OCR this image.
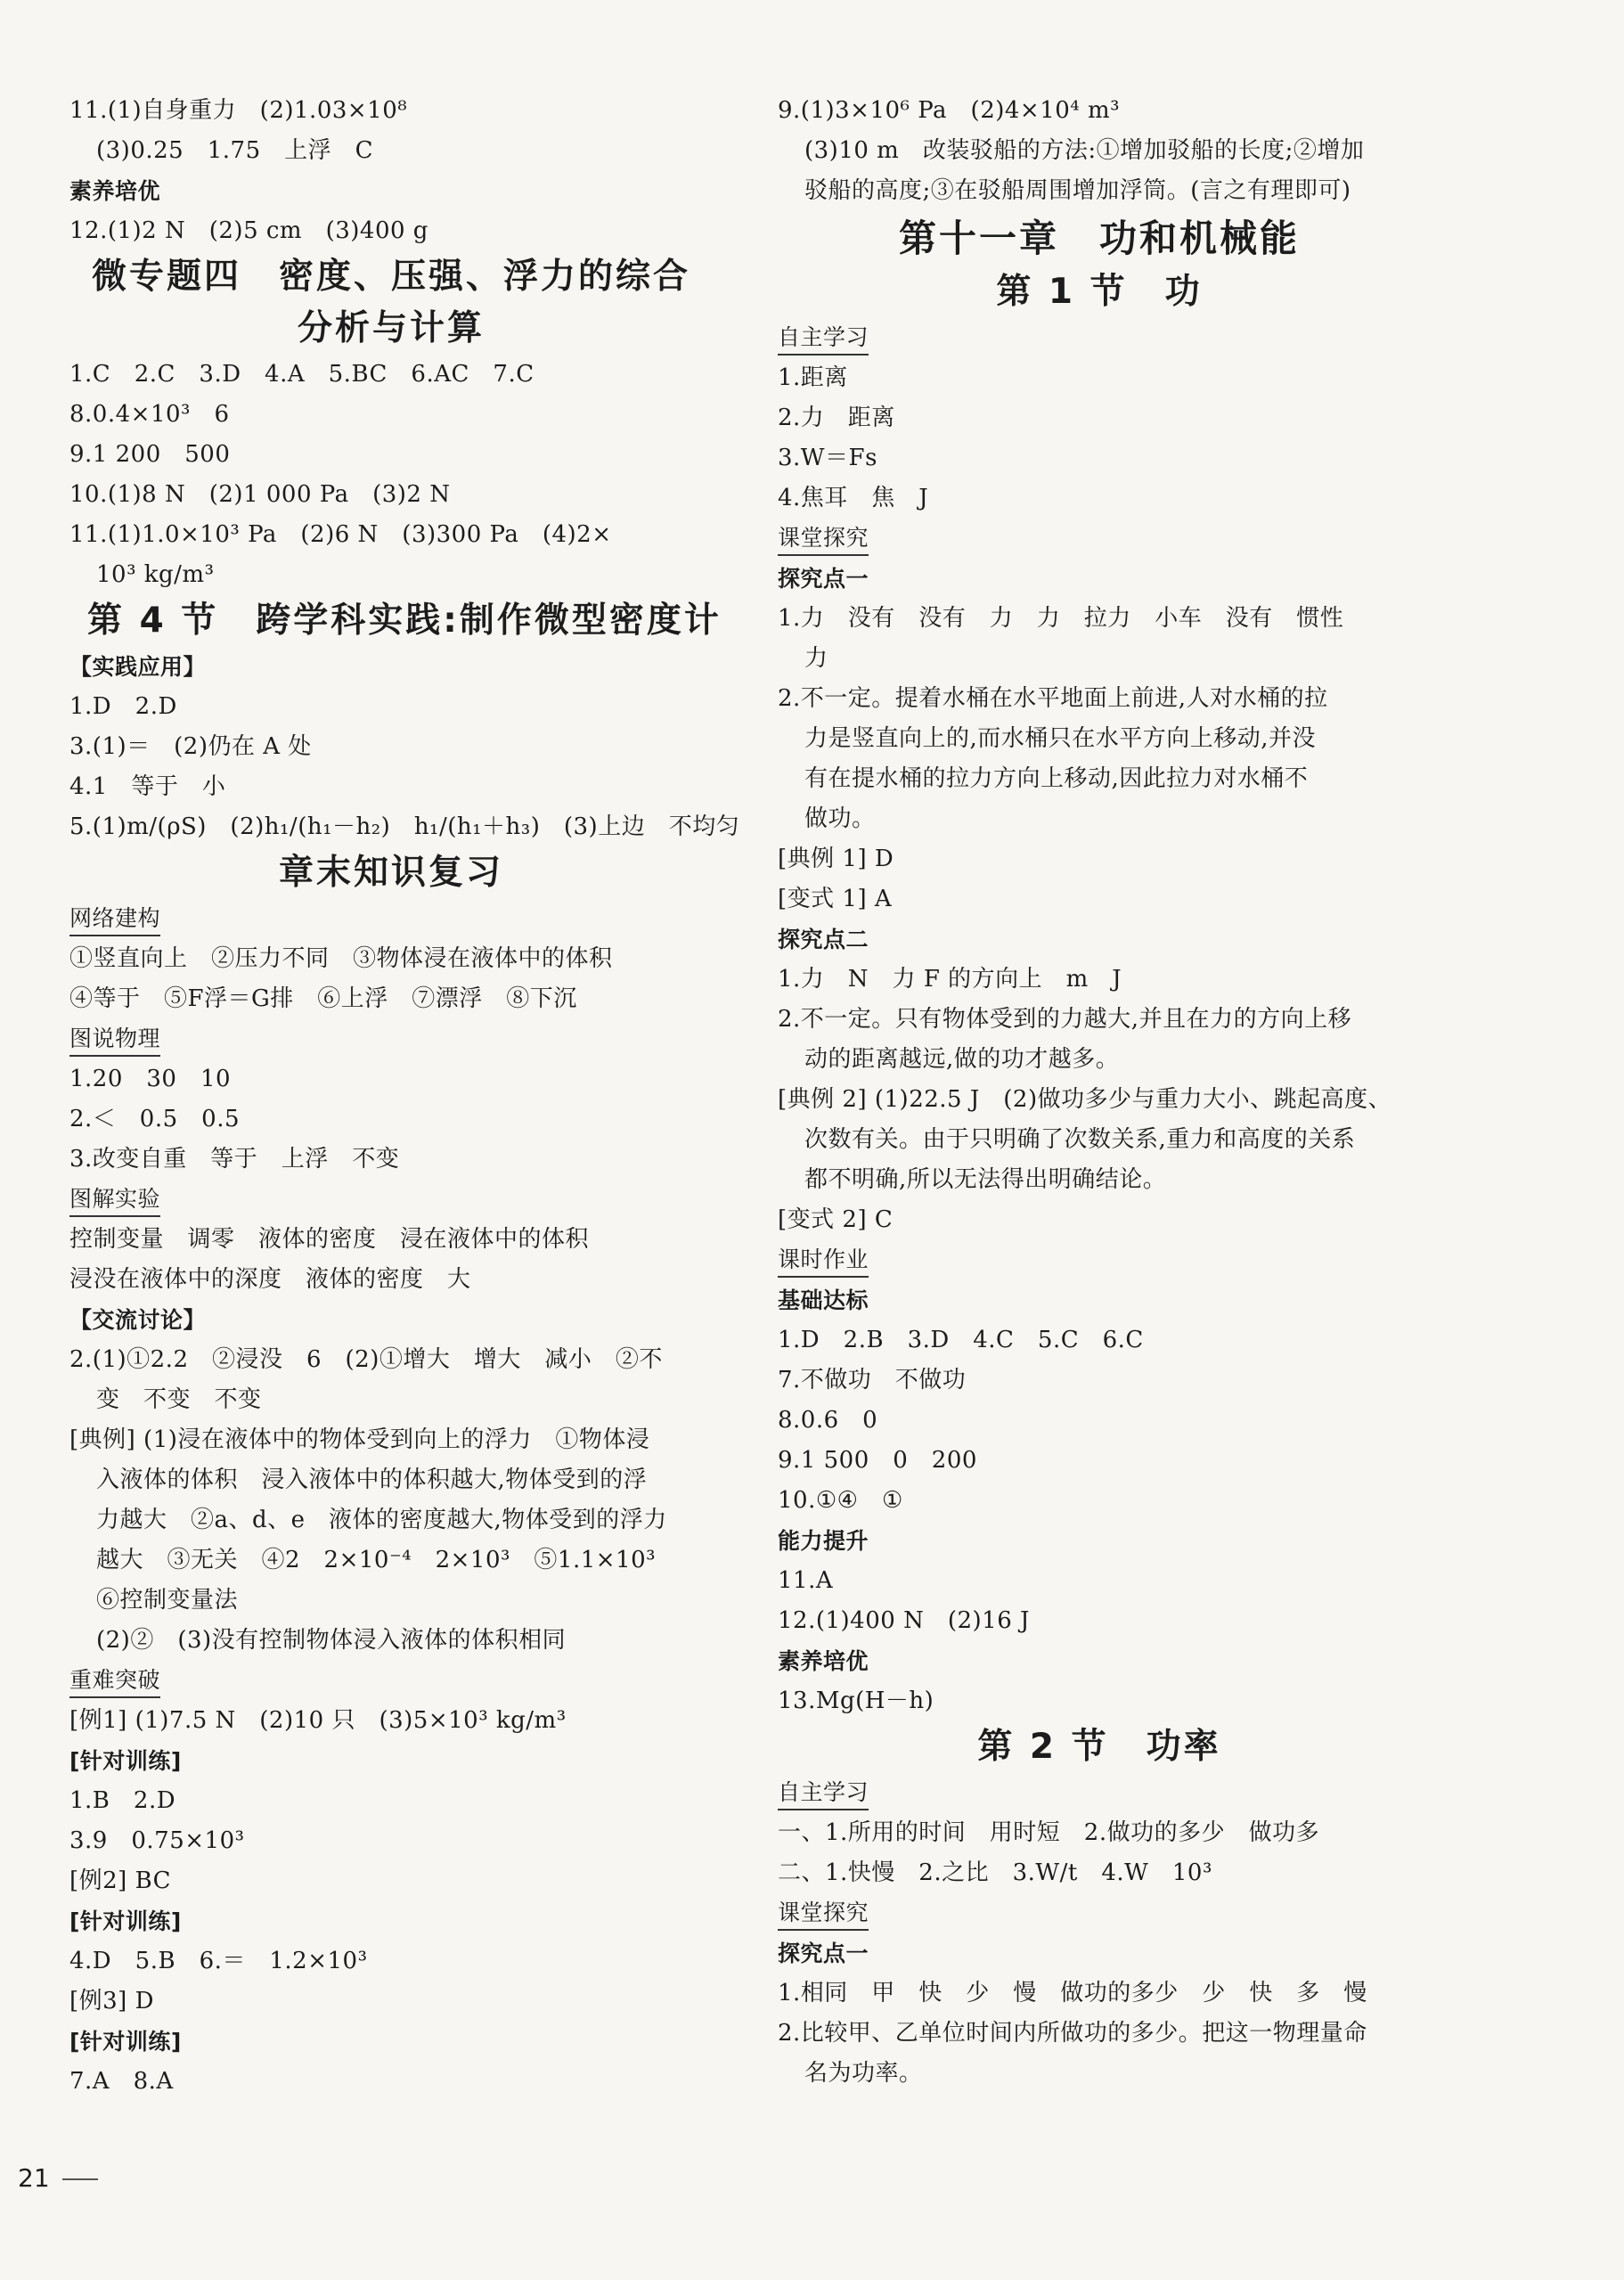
11.(1)自身重力　(2)1.03×10⁸
(3)0.25　1.75　上浮　C
素养培优
12.(1)2 N　(2)5 cm　(3)400 g
微专题四　密度、压强、浮力的综合
分析与计算
1.C　2.C　3.D　4.A　5.BC　6.AC　7.C
8.0.4×10³　6
9.1 200　500
10.(1)8 N　(2)1 000 Pa　(3)2 N
11.(1)1.0×10³ Pa　(2)6 N　(3)300 Pa　(4)2×
10³ kg/m³
第 4 节　跨学科实践:制作微型密度计
【实践应用】
1.D　2.D
3.(1)＝　(2)仍在 A 处
4.1　等于　小
5.(1)m/(ρS)　(2)h₁/(h₁－h₂)　h₁/(h₁＋h₃)　(3)上边　不均匀
章末知识复习
网络建构
①竖直向上　②压力不同　③物体浸在液体中的体积
④等于　⑤F浮＝G排　⑥上浮　⑦漂浮　⑧下沉
图说物理
1.20　30　10
2.＜　0.5　0.5
3.改变自重　等于　上浮　不变
图解实验
控制变量　调零　液体的密度　浸在液体中的体积
浸没在液体中的深度　液体的密度　大
【交流讨论】
2.(1)①2.2　②浸没　6　(2)①增大　增大　减小　②不
变　不变　不变
[典例] (1)浸在液体中的物体受到向上的浮力　①物体浸
入液体的体积　浸入液体中的体积越大,物体受到的浮
力越大　②a、d、e　液体的密度越大,物体受到的浮力
越大　③无关　④2　2×10⁻⁴　2×10³　⑤1.1×10³
⑥控制变量法
(2)②　(3)没有控制物体浸入液体的体积相同
重难突破
[例1] (1)7.5 N　(2)10 只　(3)5×10³ kg/m³
[针对训练]
1.B　2.D
3.9　0.75×10³
[例2] BC
[针对训练]
4.D　5.B　6.＝　1.2×10³
[例3] D
[针对训练]
7.A　8.A
9.(1)3×10⁶ Pa　(2)4×10⁴ m³
(3)10 m　改装驳船的方法:①增加驳船的长度;②增加
驳船的高度;③在驳船周围增加浮筒。(言之有理即可)
第十一章　功和机械能
第 1 节　功
自主学习
1.距离
2.力　距离
3.W＝Fs
4.焦耳　焦　J
课堂探究
探究点一
1.力　没有　没有　力　力　拉力　小车　没有　惯性
力
2.不一定。提着水桶在水平地面上前进,人对水桶的拉
力是竖直向上的,而水桶只在水平方向上移动,并没
有在提水桶的拉力方向上移动,因此拉力对水桶不
做功。
[典例 1] D
[变式 1] A
探究点二
1.力　N　力 F 的方向上　m　J
2.不一定。只有物体受到的力越大,并且在力的方向上移
动的距离越远,做的功才越多。
[典例 2] (1)22.5 J　(2)做功多少与重力大小、跳起高度、
次数有关。由于只明确了次数关系,重力和高度的关系
都不明确,所以无法得出明确结论。
[变式 2] C
课时作业
基础达标
1.D　2.B　3.D　4.C　5.C　6.C
7.不做功　不做功
8.0.6　0
9.1 500　0　200
10.①④　①
能力提升
11.A
12.(1)400 N　(2)16 J
素养培优
13.Mg(H－h)
第 2 节　功率
自主学习
一、1.所用的时间　用时短　2.做功的多少　做功多
二、1.快慢　2.之比　3.W/t　4.W　10³
课堂探究
探究点一
1.相同　甲　快　少　慢　做功的多少　少　快　多　慢
2.比较甲、乙单位时间内所做功的多少。把这一物理量命
名为功率。
21
